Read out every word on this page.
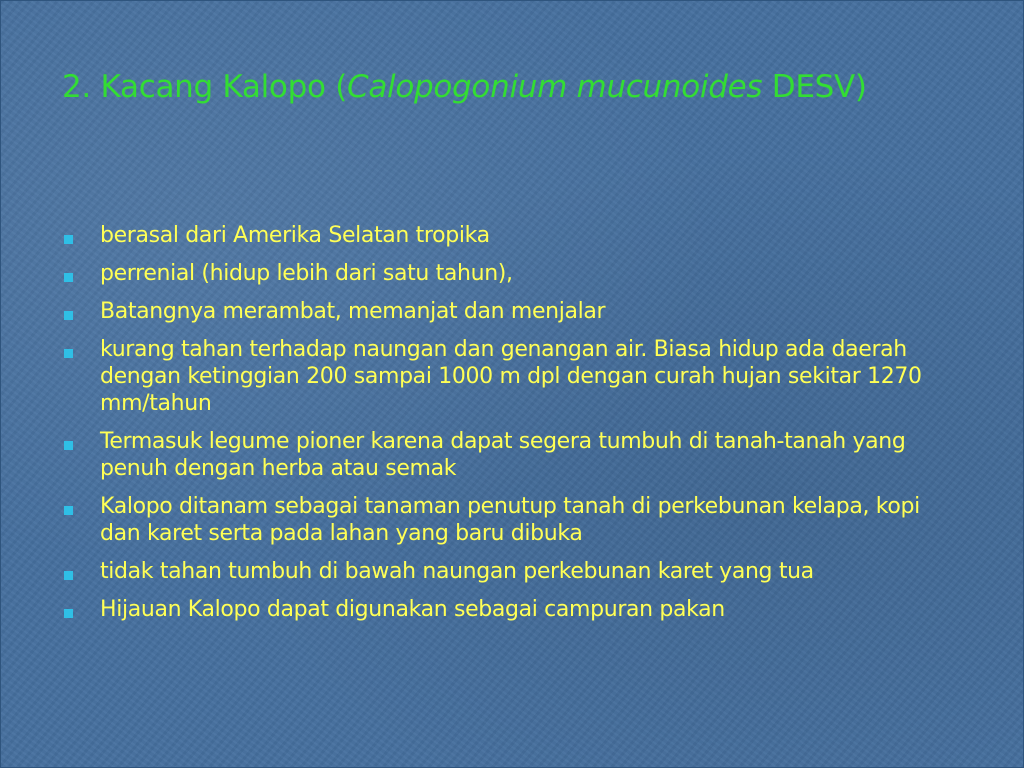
2. Kacang Kalopo (Calopogonium mucunoides DESV)
berasal dari Amerika Selatan tropika
perrenial (hidup lebih dari satu tahun),
Batangnya merambat, memanjat dan menjalar
kurang tahan terhadap naungan dan genangan air. Biasa hidup ada daerah dengan ketinggian 200 sampai 1000 m dpl dengan curah hujan sekitar 1270 mm/tahun
Termasuk legume pioner karena dapat segera tumbuh di tanah-tanah yang penuh dengan herba atau semak
Kalopo ditanam sebagai tanaman penutup tanah di perkebunan kelapa, kopi dan karet serta pada lahan yang baru dibuka
tidak tahan tumbuh di bawah naungan perkebunan karet yang tua
Hijauan Kalopo dapat digunakan sebagai campuran pakan
